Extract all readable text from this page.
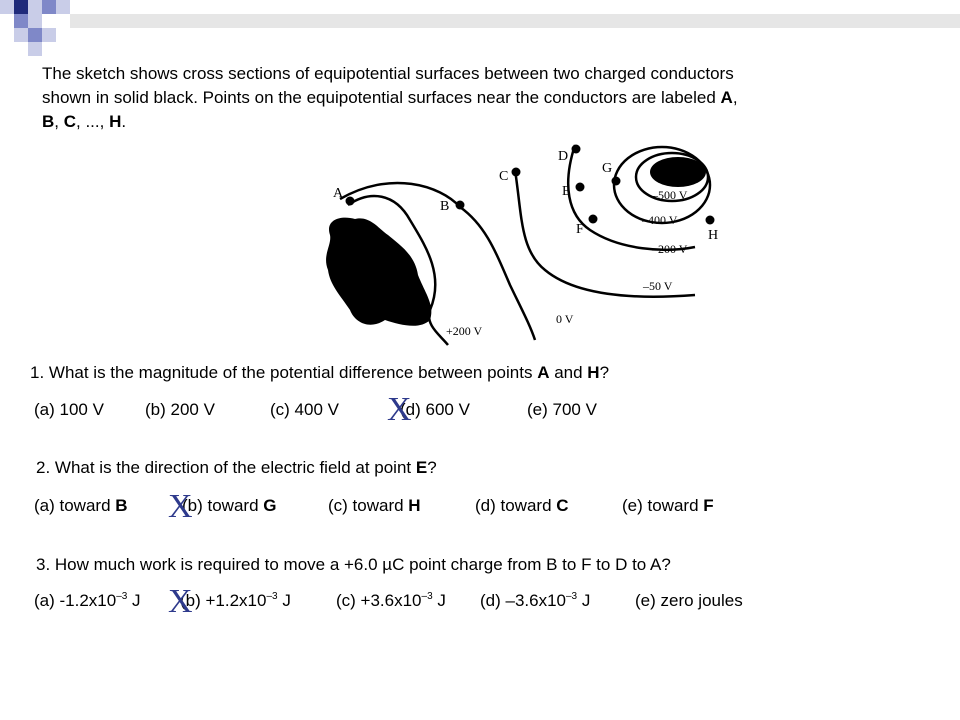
The sketch shows cross sections of equipotential surfaces between two charged conductors
shown in solid black. Points on the equipotential surfaces near the conductors are labeled A,
B, C, ..., H.
A
B
C
D
E
F
G
H
+200 V
0 V
–50 V
–200 V
–400 V
–500 V
1. What is the magnitude of the potential difference between points A and H?
(a) 100 V (b) 200 V	(c) 400 V	(d) 600 V	(e) 700 V
X
2. What is the direction of the electric field at point E?
(a) toward B	(b) toward G	(c) toward H	(d) toward C	(e) toward F
X
3. How much work is required to move a +6.0 µC point charge from B to F to D to A?
(a) $-1.2x10^{-3}$ J $(b) +1.2x10^{-3}$ J	$(c) +3.6x10^{-3}$ J (d) $-3.6x10^{-3}$ J	(e) zero joules
X
